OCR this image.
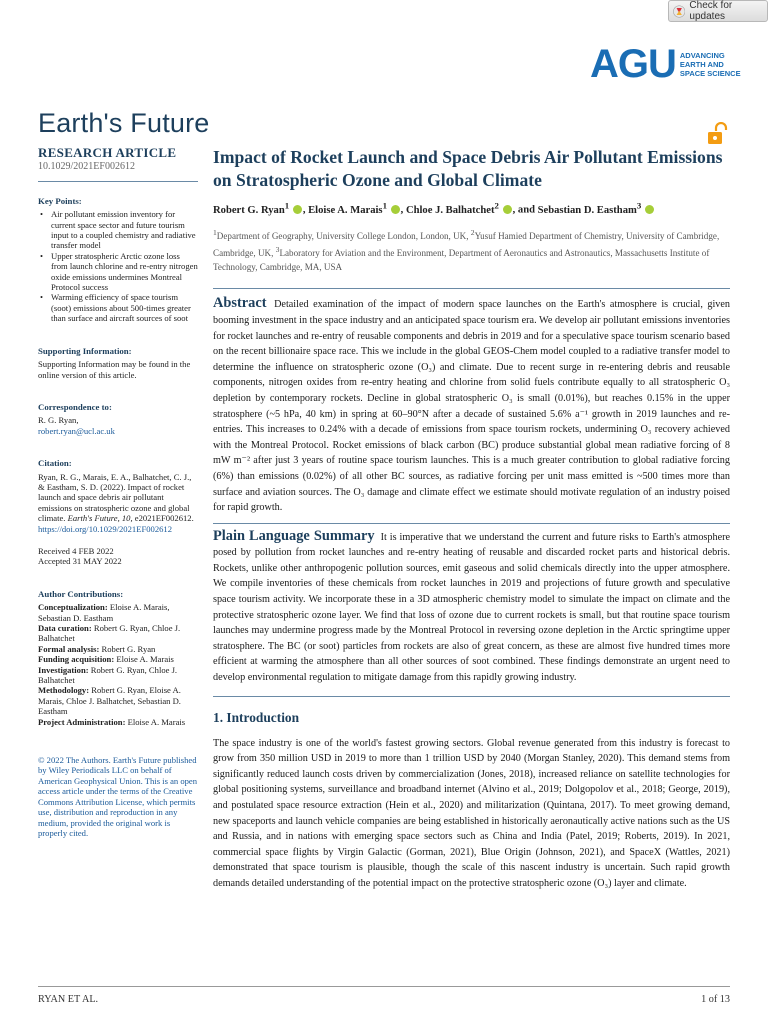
Check for updates
AGU ADVANCING
EARTH AND
SPACE SCIENCE
Earth's Future
RESEARCH ARTICLE
10.1029/2021EF002612
Key Points:
• Air pollutant emission inventory for current space sector and future tourism input to a coupled chemistry and radiative transfer model
• Upper stratospheric Arctic ozone loss from launch chlorine and re-entry nitrogen oxide emissions undermines Montreal Protocol success
• Warming efficiency of space tourism (soot) emissions about 500-times greater than surface and aircraft sources of soot
Supporting Information:
Supporting Information may be found in the online version of this article.
Correspondence to:
R. G. Ryan,
robert.ryan@ucl.ac.uk
Citation:
Ryan, R. G., Marais, E. A., Balhatchet, C. J., & Eastham, S. D. (2022). Impact of rocket launch and space debris air pollutant emissions on stratospheric ozone and global climate. Earth's Future, 10, e2021EF002612. https://doi.org/10.1029/2021EF002612
Received 4 FEB 2022
Accepted 31 MAY 2022
Author Contributions:
Conceptualization: Eloise A. Marais, Sebastian D. Eastham
Data curation: Robert G. Ryan, Chloe J. Balhatchet
Formal analysis: Robert G. Ryan
Funding acquisition: Eloise A. Marais
Investigation: Robert G. Ryan, Chloe J. Balhatchet
Methodology: Robert G. Ryan, Eloise A. Marais, Chloe J. Balhatchet, Sebastian D. Eastham
Project Administration: Eloise A. Marais
© 2022 The Authors. Earth's Future published by Wiley Periodicals LLC on behalf of American Geophysical Union. This is an open access article under the terms of the Creative Commons Attribution License, which permits use, distribution and reproduction in any medium, provided the original work is properly cited.
Impact of Rocket Launch and Space Debris Air Pollutant Emissions on Stratospheric Ozone and Global Climate
Robert G. Ryan$^1$ , Eloise A. Marais$^1$ , Chloe J. Balhatchet$^2$ , and Sebastian D. Eastham$^3$
$^1$Department of Geography, University College London, London, UK, $^2$Yusuf Hamied Department of Chemistry, University of Cambridge, Cambridge, UK, $^3$Laboratory for Aviation and the Environment, Department of Aeronautics and Astronautics, Massachusetts Institute of Technology, Cambridge, MA, USA
Abstract Detailed examination of the impact of modern space launches on the Earth's atmosphere is crucial, given booming investment in the space industry and an anticipated space tourism era. We develop air pollutant emissions inventories for rocket launches and re-entry of reusable components and debris in 2019 and for a speculative space tourism scenario based on the recent billionaire space race. This we include in the global GEOS-Chem model coupled to a radiative transfer model to determine the influence on stratospheric ozone (O₃) and climate. Due to recent surge in re-entering debris and reusable components, nitrogen oxides from re-entry heating and chlorine from solid fuels contribute equally to all stratospheric O₃ depletion by contemporary rockets. Decline in global stratospheric O₃ is small (0.01%), but reaches 0.15% in the upper stratosphere (~5 hPa, 40 km) in spring at 60–90°N after a decade of sustained 5.6% a⁻¹ growth in 2019 launches and re-entries. This increases to 0.24% with a decade of emissions from space tourism rockets, undermining O₃ recovery achieved with the Montreal Protocol. Rocket emissions of black carbon (BC) produce substantial global mean radiative forcing of 8 mW m⁻² after just 3 years of routine space tourism launches. This is a much greater contribution to global radiative forcing (6%) than emissions (0.02%) of all other BC sources, as radiative forcing per unit mass emitted is ~500 times more than surface and aviation sources. The O₃ damage and climate effect we estimate should motivate regulation of an industry poised for rapid growth.
Plain Language Summary It is imperative that we understand the current and future risks to Earth's atmosphere posed by pollution from rocket launches and re-entry heating of reusable and discarded rocket parts and historical debris. Rockets, unlike other anthropogenic pollution sources, emit gaseous and solid chemicals directly into the upper atmosphere. We compile inventories of these chemicals from rocket launches in 2019 and projections of future growth and speculative space tourism activity. We incorporate these in a 3D atmospheric chemistry model to simulate the impact on climate and the protective stratospheric ozone layer. We find that loss of ozone due to current rockets is small, but that routine space tourism launches may undermine progress made by the Montreal Protocol in reversing ozone depletion in the Arctic springtime upper stratosphere. The BC (or soot) particles from rockets are also of great concern, as these are almost five hundred times more efficient at warming the atmosphere than all other sources of soot combined. These findings demonstrate an urgent need to develop environmental regulation to mitigate damage from this rapidly growing industry.
1. Introduction
The space industry is one of the world's fastest growing sectors. Global revenue generated from this industry is forecast to grow from 350 million USD in 2019 to more than 1 trillion USD by 2040 (Morgan Stanley, 2020). This demand stems from significantly reduced launch costs driven by commercialization (Jones, 2018), increased reliance on satellite technologies for global positioning systems, surveillance and broadband internet (Alvino et al., 2019; Dolgopolov et al., 2018; George, 2019), and postulated space resource extraction (Hein et al., 2020) and militarization (Quintana, 2017). To meet growing demand, new spaceports and launch vehicle companies are being established in historically aeronautically active nations such as the US and Russia, and in nations with emerging space sectors such as China and India (Patel, 2019; Roberts, 2019). In 2021, commercial space flights by Virgin Galactic (Gorman, 2021), Blue Origin (Johnson, 2021), and SpaceX (Wattles, 2021) demonstrated that space tourism is plausible, though the scale of this nascent industry is uncertain. Such rapid growth demands detailed understanding of the potential impact on the protective stratospheric ozone (O₃) layer and climate.
RYAN ET AL.	1 of 13
